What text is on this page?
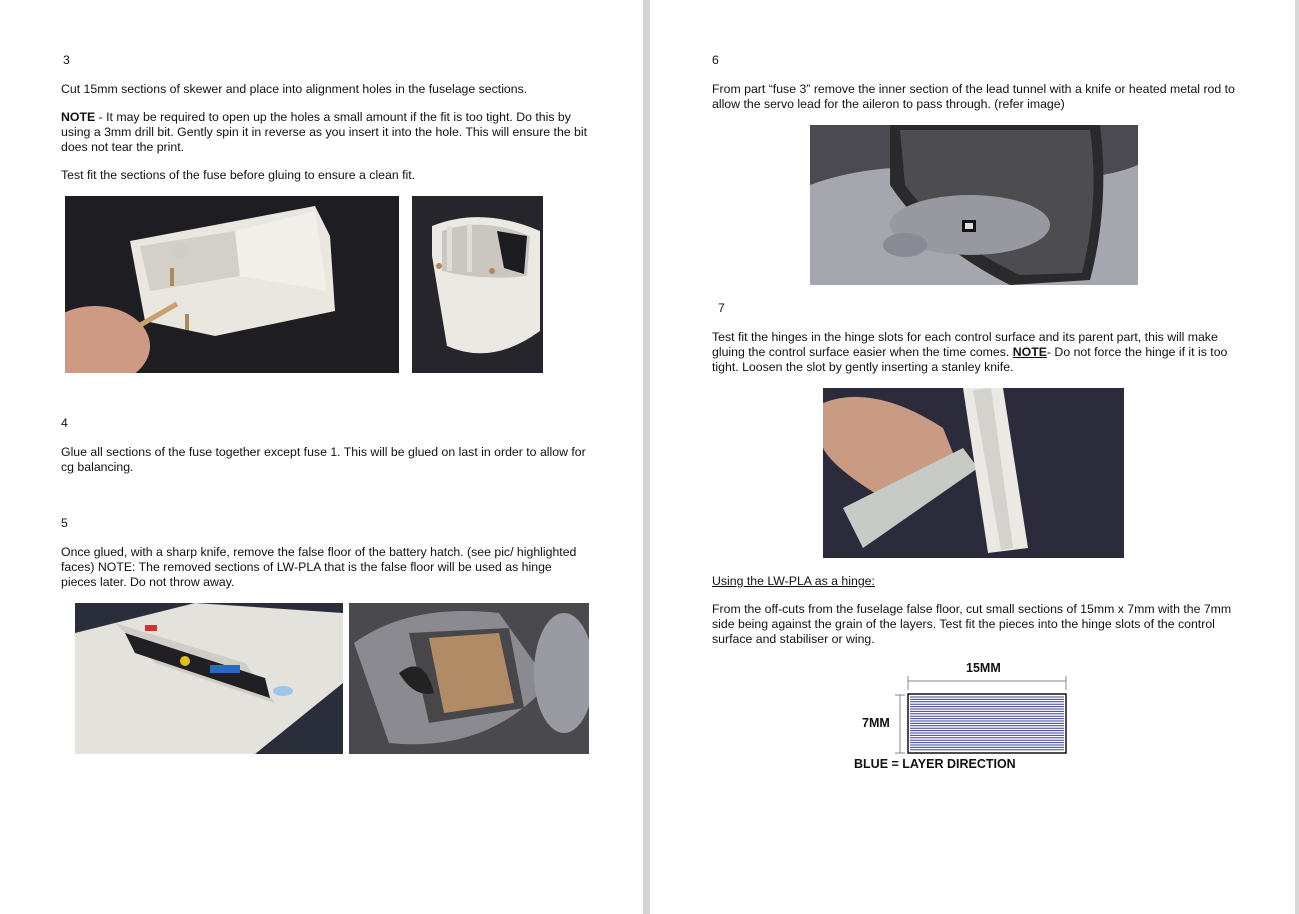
3

Cut 15mm sections of skewer and place into alignment holes in the fuselage sections.

NOTE - It may be required to open up the holes a small amount if the fit is too tight. Do this by using a 3mm drill bit. Gently spin it in reverse as you insert it into the hole. This will ensure the bit does not tear the print.

Test fit the sections of the fuse before gluing to ensure a clean fit.

4

Glue all sections of the fuse together except fuse 1. This will be glued on last in order to allow for cg balancing.

5

Once glued, with a sharp knife, remove the false floor of the battery hatch. (see pic/ highlighted faces) NOTE: The removed sections of LW-PLA that is the false floor will be used as hinge pieces later. Do not throw away.

6

From part “fuse 3” remove the inner section of the lead tunnel with a knife or heated metal rod to allow the servo lead for the aileron to pass through. (refer image)

7

Test fit the hinges in the hinge slots for each control surface and its parent part, this will make gluing the control surface easier when the time comes. NOTE- Do not force the hinge if it is too tight. Loosen the slot by gently inserting a stanley knife.

Using the LW-PLA as a hinge:

From the off-cuts from the fuselage false floor, cut small sections of 15mm x 7mm with the 7mm side being against the grain of the layers. Test fit the pieces into the hinge slots of the control surface and stabiliser or wing.

15MM
7MM
BLUE = LAYER DIRECTION
